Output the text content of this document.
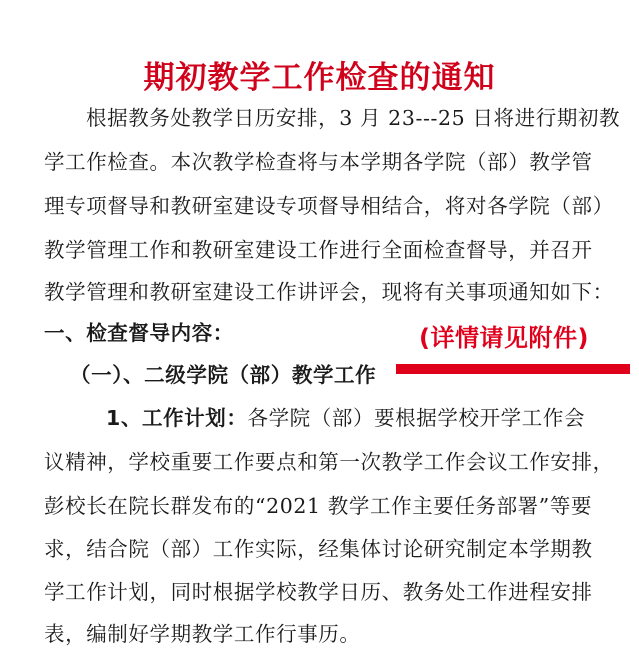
期初教学工作检查的通知
根据教务处教学日历安排，3 月 23---25 日将进行期初教
学工作检查。本次教学检查将与本学期各学院（部）教学管
理专项督导和教研室建设专项督导相结合，将对各学院（部）
教学管理工作和教研室建设工作进行全面检查督导，并召开
教学管理和教研室建设工作讲评会，现将有关事项通知如下：
一、检查督导内容：
（一）、二级学院（部）教学工作
1、工作计划：各学院（部）要根据学校开学工作会
议精神，学校重要工作要点和第一次教学工作会议工作安排，
彭校长在院长群发布的“2021 教学工作主要任务部署”等要
求，结合院（部）工作实际，经集体讨论研究制定本学期教
学工作计划，同时根据学校教学日历、教务处工作进程安排
表，编制好学期教学工作行事历。
(详情请见附件)
